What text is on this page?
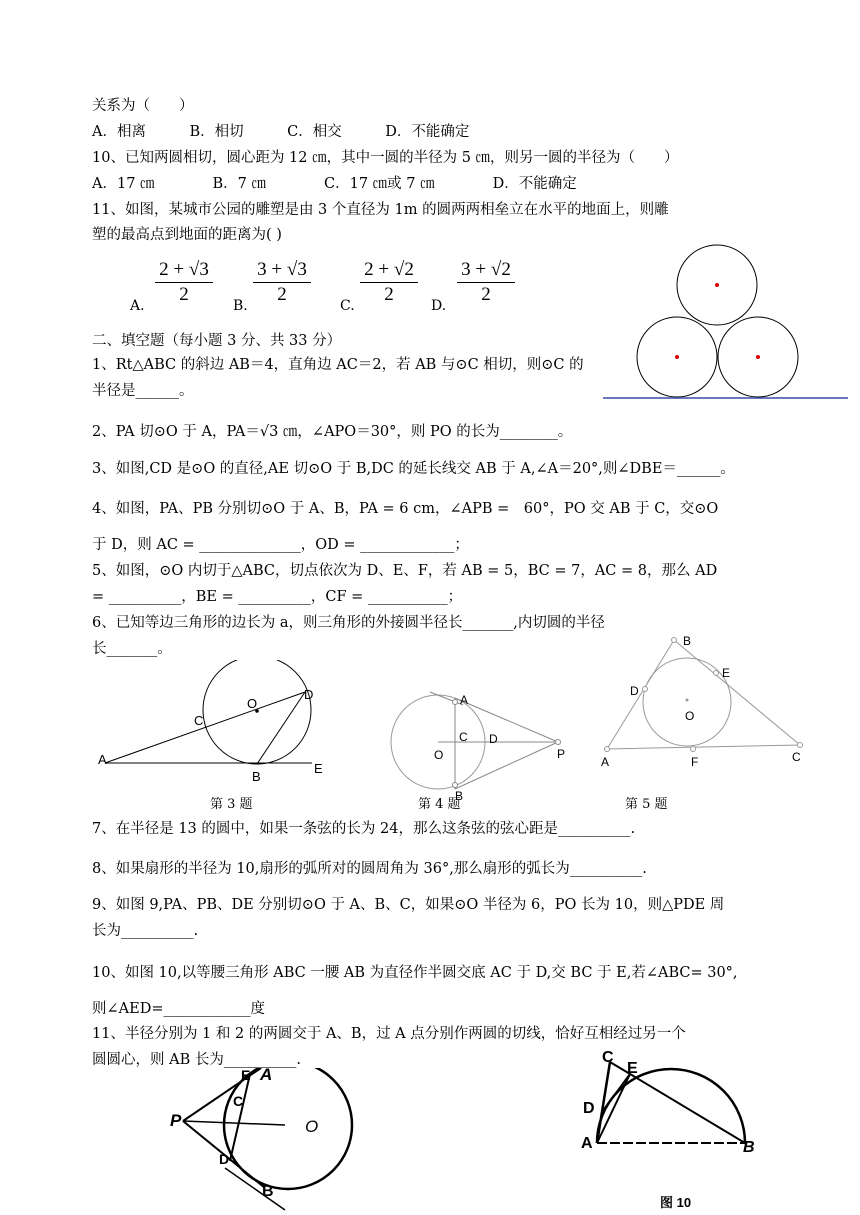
关系为（　　）
A．相离　　　B．相切　　　C．相交　　　D．不能确定
10、已知两圆相切，圆心距为 12 ㎝，其中一圆的半径为 5 ㎝，则另一圆的半径为（　　）
A．17 ㎝　　　　B．7 ㎝　　　　C．17 ㎝或 7 ㎝　　　　D．不能确定
11、如图，某城市公园的雕塑是由 3 个直径为 1m 的圆两两相垒立在水平的地面上，则雕
塑的最高点到地面的距离为( )
A. $\frac{2 + √3}{2} B$. $\frac{3 + √3}{2} C$. $\frac{2 + √2}{2} D$. $\frac{3 + √2}{2}$
二、填空题（每小题 3 分、共 33 分）
1、Rt△ABC 的斜边 AB＝4，直角边 AC＝2，若 AB 与⊙C 相切，则⊙C 的
半径是______。
2、PA 切⊙O 于 A，PA＝√3 ㎝，∠APO＝30°，则 PO 的长为________。
3、如图,CD 是⊙O 的直径,AE 切⊙O 于 B,DC 的延长线交 AB 于 A,∠A＝20°,则∠DBE＝______。
4、如图，PA、PB 分别切⊙O 于 A、B，PA = 6 cm，∠APB =　60°，PO 交 AB 于 C，交⊙O
于 D，则 AC = ______________，OD = _____________；
5、如图，⊙O 内切于△ABC，切点依次为 D、E、F，若 AB = 5，BC = 7，AC = 8，那么 AD
= __________，BE = __________，CF = ___________；
6、已知等边三角形的边长为 a，则三角形的外接圆半径长_______,内切圆的半径
长_______。
A
C
O
D
B
E
A
C D
O	P
B
B
E
D
O
A	F	C
第 3 题	第 4 题	第 5 题
7、在半径是 13 的圆中，如果一条弦的长为 24，那么这条弦的弦心距是__________.
8、如果扇形的半径为 10,扇形的弧所对的圆周角为 36°,那么扇形的弧长为__________.
9、如图 9,PA、PB、DE 分别切⊙O 于 A、B、C，如果⊙O 半径为 6，PO 长为 10，则△PDE 周
长为__________.
10、如图 10,以等腰三角形 ABC 一腰 AB 为直径作半圆交底 AC 于 D,交 BC 于 E,若∠ABC= 30°,
则∠AED=____________度
11、半径分别为 1 和 2 的两圆交于 A、B，过 A 点分别作两圆的切线，恰好互相经过另一个
圆圆心，则 AB 长为__________.
A
E
C
P	O
D
B
C
E
D
A	B
图 10
